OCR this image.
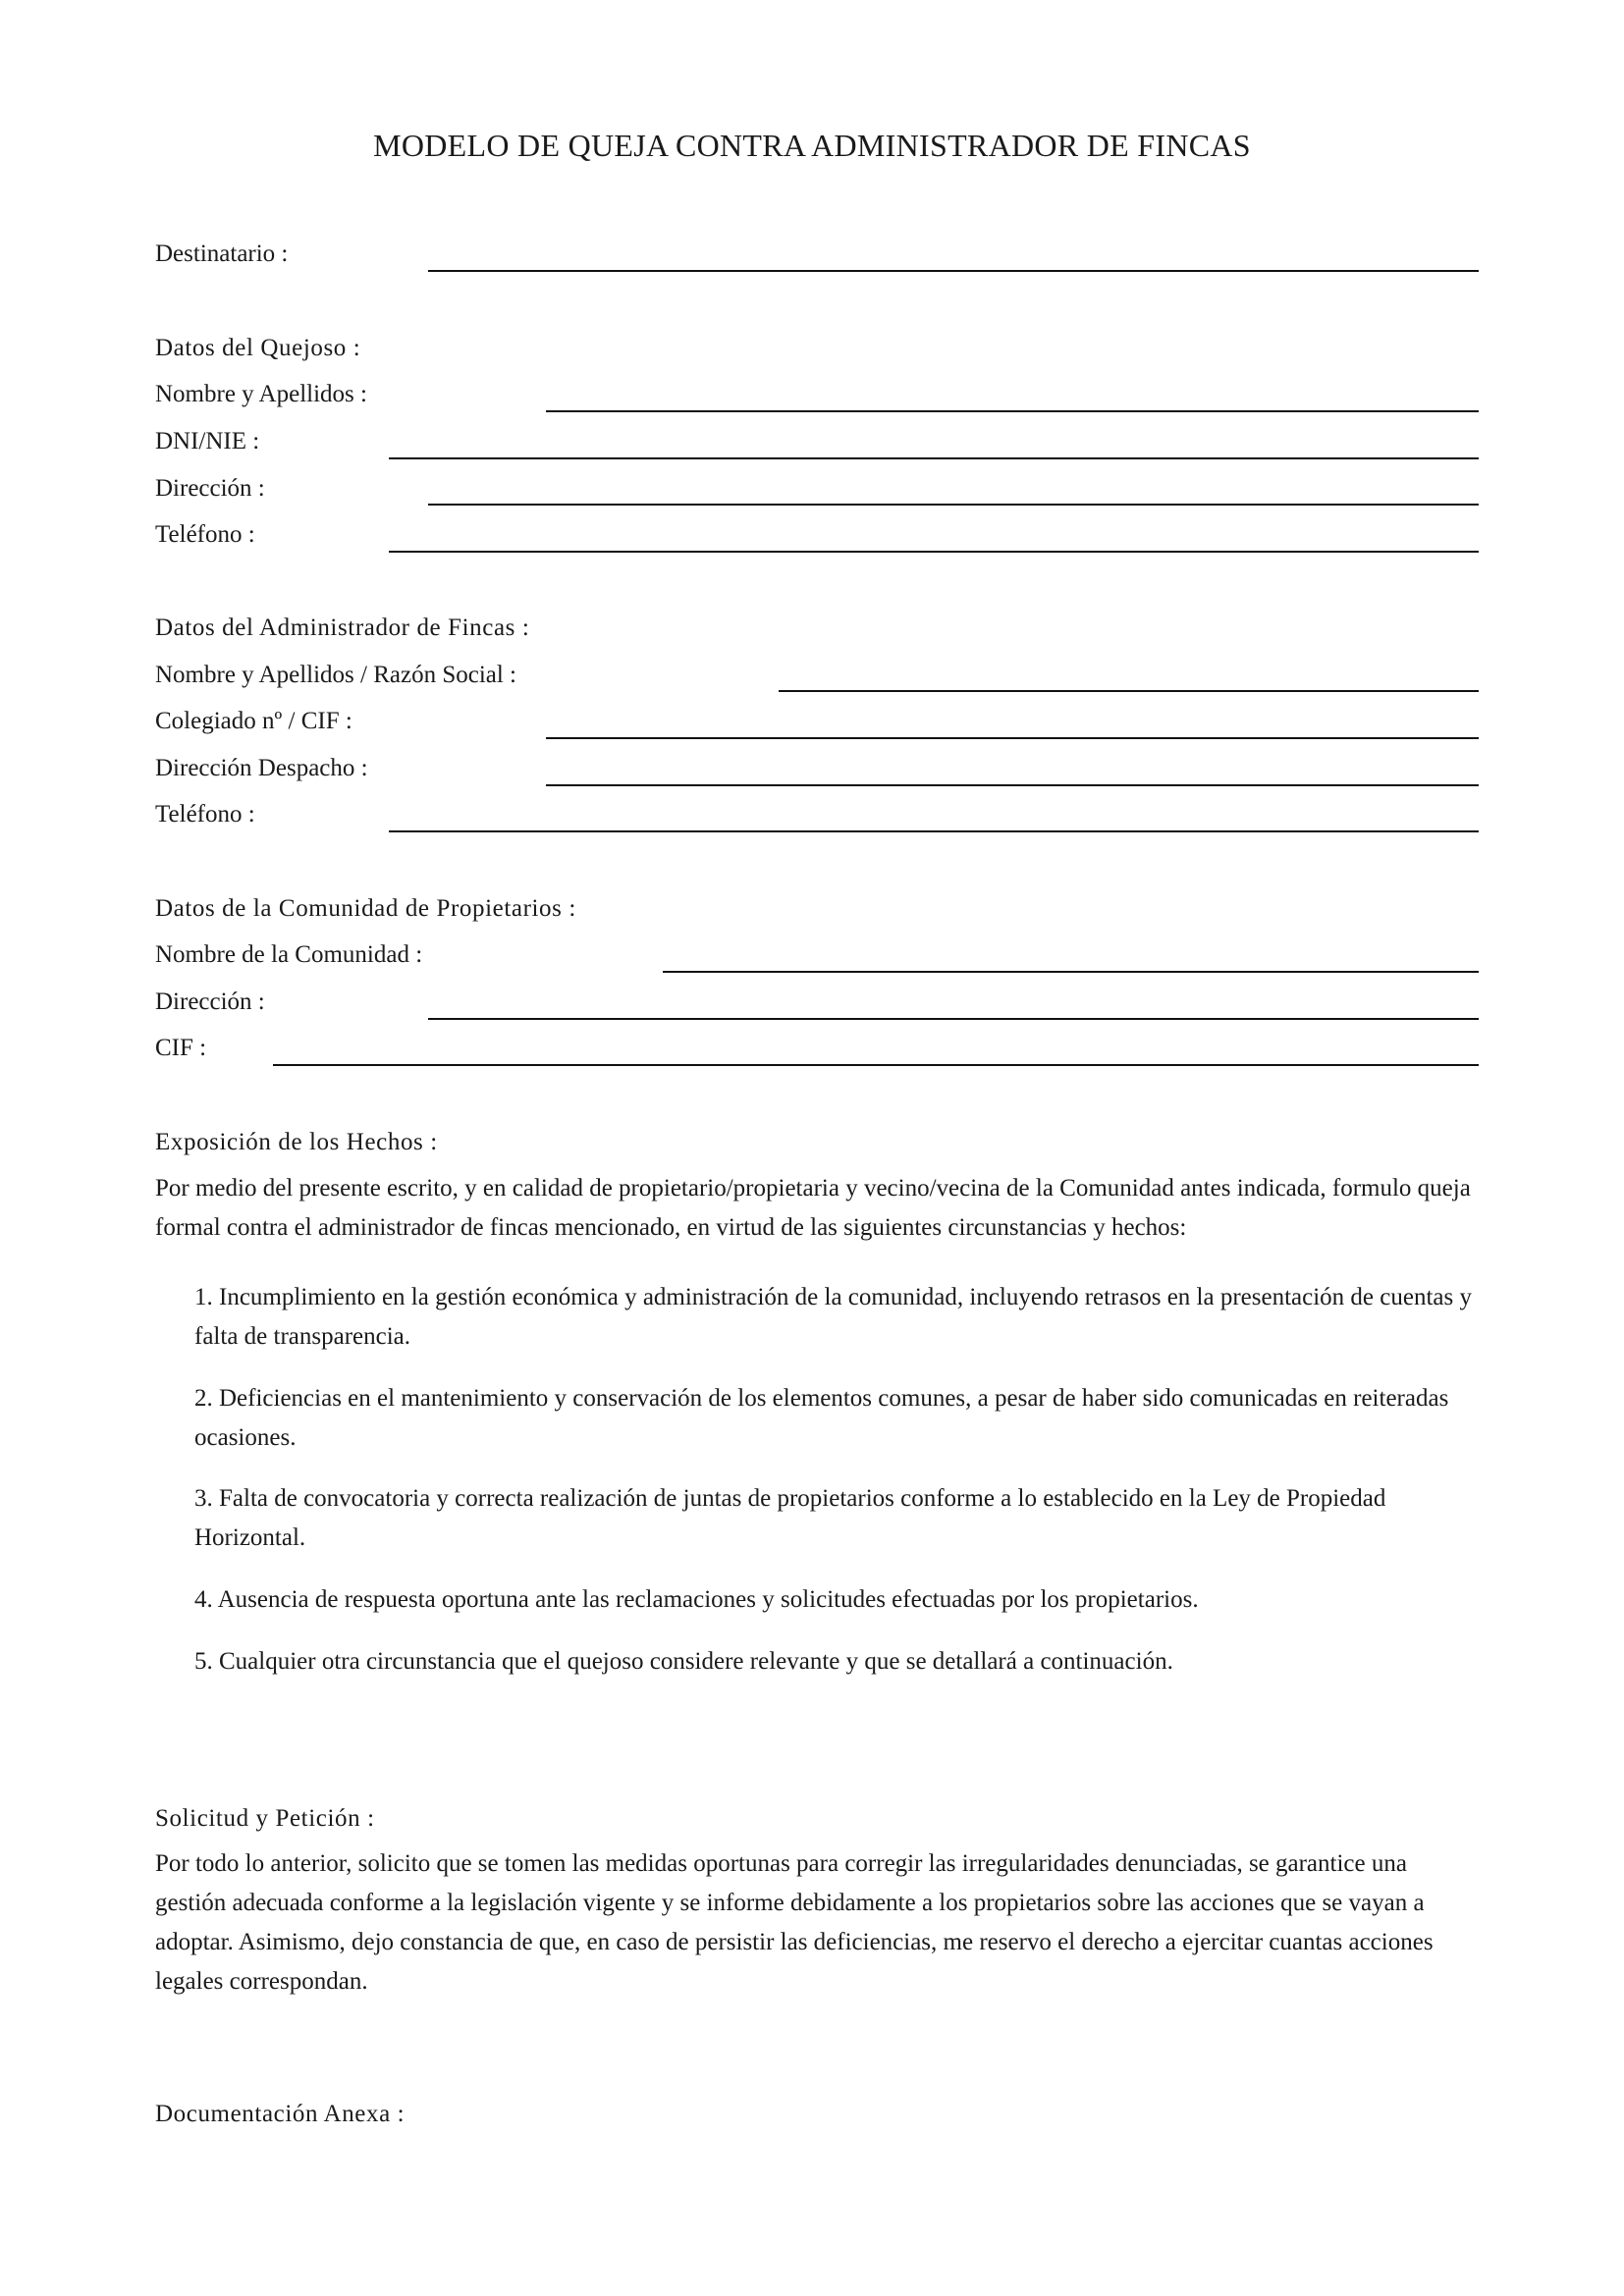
MODELO DE QUEJA CONTRA ADMINISTRADOR DE FINCAS
Destinatario :
Datos del Quejoso :
Nombre y Apellidos :
DNI/NIE :
Dirección :
Teléfono :
Datos del Administrador de Fincas :
Nombre y Apellidos / Razón Social :
Colegiado nº / CIF :
Dirección Despacho :
Teléfono :
Datos de la Comunidad de Propietarios :
Nombre de la Comunidad :
Dirección :
CIF :
Exposición de los Hechos :
Por medio del presente escrito, y en calidad de propietario/propietaria y vecino/vecina de la Comunidad antes indicada, formulo queja formal contra el administrador de fincas mencionado, en virtud de las siguientes circunstancias y hechos:
1. Incumplimiento en la gestión económica y administración de la comunidad, incluyendo retrasos en la presentación de cuentas y falta de transparencia.
2. Deficiencias en el mantenimiento y conservación de los elementos comunes, a pesar de haber sido comunicadas en reiteradas ocasiones.
3. Falta de convocatoria y correcta realización de juntas de propietarios conforme a lo establecido en la Ley de Propiedad Horizontal.
4. Ausencia de respuesta oportuna ante las reclamaciones y solicitudes efectuadas por los propietarios.
5. Cualquier otra circunstancia que el quejoso considere relevante y que se detallará a continuación.
Solicitud y Petición :
Por todo lo anterior, solicito que se tomen las medidas oportunas para corregir las irregularidades denunciadas, se garantice una gestión adecuada conforme a la legislación vigente y se informe debidamente a los propietarios sobre las acciones que se vayan a adoptar. Asimismo, dejo constancia de que, en caso de persistir las deficiencias, me reservo el derecho a ejercitar cuantas acciones legales correspondan.
Documentación Anexa :
